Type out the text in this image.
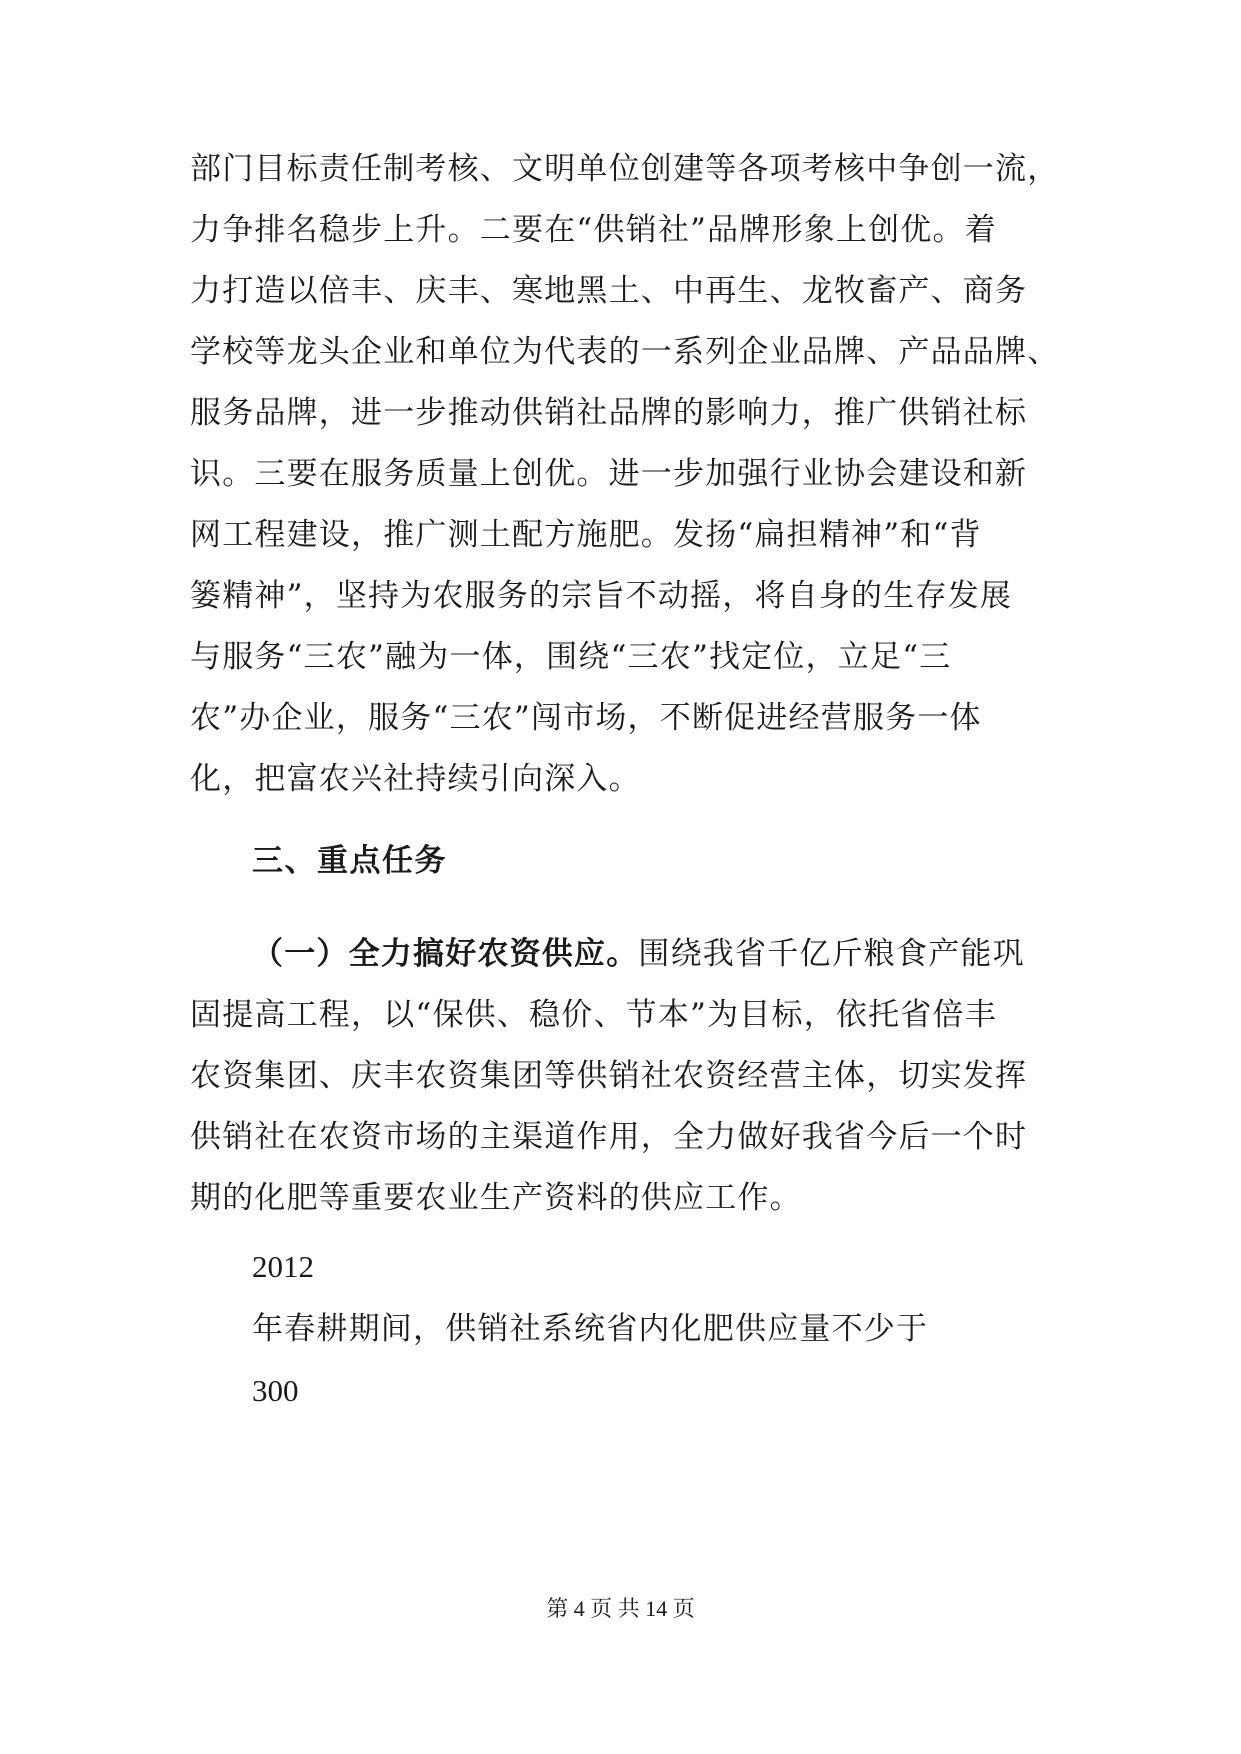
部门目标责任制考核、文明单位创建等各项考核中争创一流，
力争排名稳步上升。二要在“供销社”品牌形象上创优。着
力打造以倍丰、庆丰、寒地黑土、中再生、龙牧畜产、商务
学校等龙头企业和单位为代表的一系列企业品牌、产品品牌、
服务品牌，进一步推动供销社品牌的影响力，推广供销社标
识。三要在服务质量上创优。进一步加强行业协会建设和新
网工程建设，推广测土配方施肥。发扬“扁担精神”和“背
篓精神”，坚持为农服务的宗旨不动摇，将自身的生存发展
与服务“三农”融为一体，围绕“三农”找定位，立足“三
农”办企业，服务“三农”闯市场，不断促进经营服务一体
化，把富农兴社持续引向深入。
三、重点任务
（一）全力搞好农资供应。围绕我省千亿斤粮食产能巩
固提高工程，以“保供、稳价、节本”为目标，依托省倍丰
农资集团、庆丰农资集团等供销社农资经营主体，切实发挥
供销社在农资市场的主渠道作用，全力做好我省今后一个时
期的化肥等重要农业生产资料的供应工作。

2012

年春耕期间，供销社系统省内化肥供应量不少于

300

第 4 页 共 14 页
